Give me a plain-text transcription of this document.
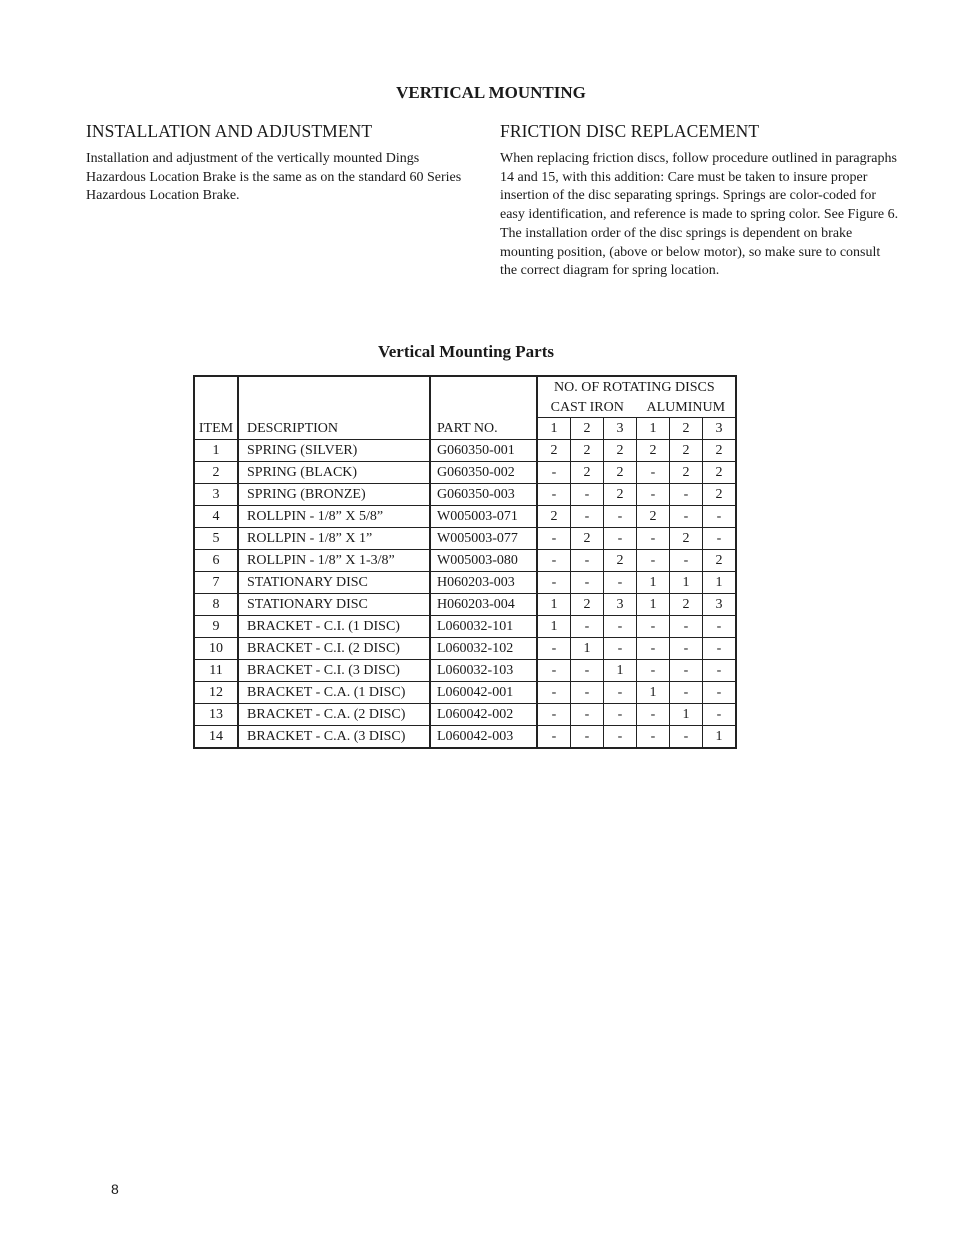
VERTICAL MOUNTING
INSTALLATION AND ADJUSTMENT

Installation and adjustment of the vertically mounted Dings Hazardous Location Brake is the same as on the standard 60 Series Hazardous Location Brake.

FRICTION DISC REPLACEMENT

When replacing friction discs, follow procedure outlined in paragraphs 14 and 15, with this addition: Care must be taken to insure proper insertion of the disc separating springs. Springs are color-coded for easy identification, and reference is made to spring color. See Figure 6. The installation order of the disc springs is dependent on brake mounting position, (above or below motor), so make sure to consult the correct diagram for spring location.

Vertical Mounting Parts
ITEM	DESCRIPTION	PART NO.	NO. OF ROTATING DISCS					
			CAST IRON			ALUMINUM		
			1	2	3	1	2	3
1	SPRING (SILVER)	G060350-001	2	2	2	2	2	2
2	SPRING (BLACK)	G060350-002	-	2	2	-	2	2
3	SPRING (BRONZE)	G060350-003	-	-	2	-	-	2
4	ROLLPIN - 1/8” X 5/8”	W005003-071	2	-	-	2	-	-
5	ROLLPIN - 1/8” X 1”	W005003-077	-	2	-	-	2	-
6	ROLLPIN - 1/8” X 1-3/8”	W005003-080	-	-	2	-	-	2
7	STATIONARY DISC	H060203-003	-	-	-	1	1	1
8	STATIONARY DISC	H060203-004	1	2	3	1	2	3
9	BRACKET - C.I. (1 DISC)	L060032-101	1	-	-	-	-	-
10	BRACKET - C.I. (2 DISC)	L060032-102	-	1	-	-	-	-
11	BRACKET - C.I. (3 DISC)	L060032-103	-	-	1	-	-	-
12	BRACKET - C.A. (1 DISC)	L060042-001	-	-	-	1	-	-
13	BRACKET - C.A. (2 DISC)	L060042-002	-	-	-	-	1	-
14	BRACKET - C.A. (3 DISC)	L060042-003	-	-	-	-	-	1
8
